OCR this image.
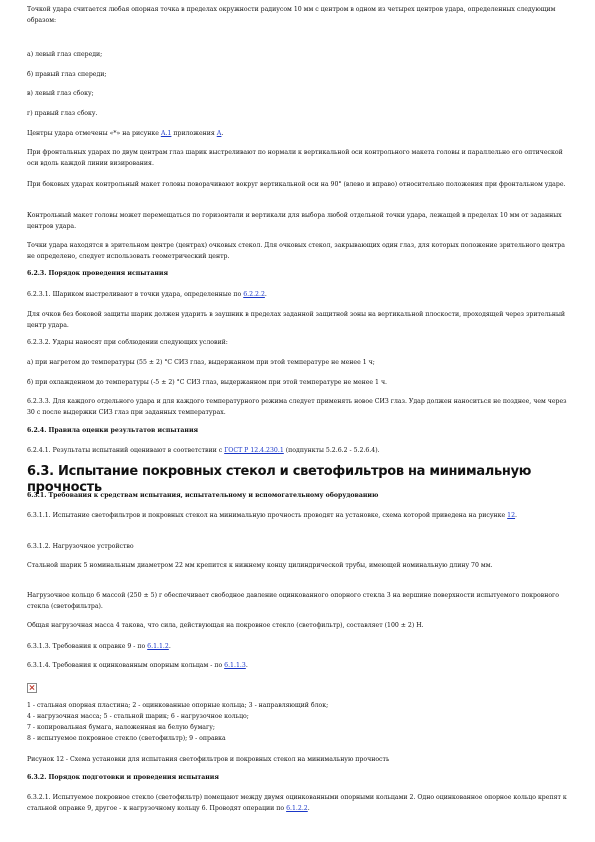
Точкой удара считается любая опорная точка в пределах окружности радиусом 10 мм с центром в одном из четырех центров удара, определенных следующим образом:

а) левый глаз спереди;

б) правый глаз спереди;

в) левый глаз сбоку;

г) правый глаз сбоку.

Центры удара отмечены «*» на рисунке А.1 приложения А.

При фронтальных ударах по двум центрам глаз шарик выстреливают по нормали к вертикальной оси контрольного макета головы и параллельно его оптической оси вдоль каждой линии визирования.

При боковых ударах контрольный макет головы поворачивают вокруг вертикальной оси на 90° (влево и вправо) относительно положения при фронтальном ударе.

Контрольный макет головы может перемещаться по горизонтали и вертикали для выбора любой отдельной точки удара, лежащей в пределах 10 мм от заданных центров удара.

Точки удара находятся в зрительном центре (центрах) очковых стекол. Для очковых стекол, закрывающих один глаз, для которых положение зрительного центра не определено, следует использовать геометрический центр.

6.2.3. Порядок проведения испытания

6.2.3.1. Шариком выстреливают в точки удара, определенные по 6.2.2.2.

Для очков без боковой защиты шарик должен ударить в заушник в пределах заданной защитной зоны на вертикальной плоскости, проходящей через зрительный центр удара.

6.2.3.2. Удары наносят при соблюдении следующих условий:

а) при нагретом до температуры (55 ± 2) °С СИЗ глаз, выдержанном при этой температуре не менее 1 ч;

б) при охлажденном до температуры (-5 ± 2) °С СИЗ глаз, выдержанном при этой температуре не менее 1 ч.

6.2.3.3. Для каждого отдельного удара и для каждого температурного режима следует применять новое СИЗ глаз. Удар должен наноситься не позднее, чем через 30 с после выдержки СИЗ глаз при заданных температурах.

6.2.4. Правила оценки результатов испытания

6.2.4.1. Результаты испытаний оценивают в соответствии с ГОСТ Р 12.4.230.1 (подпункты 5.2.6.2 - 5.2.6.4).

6.3. Испытание покровных стекол и светофильтров на минимальную прочность

6.3.1. Требования к средствам испытания, испытательному и вспомогательному оборудованию

6.3.1.1. Испытание светофильтров и покровных стекол на минимальную прочность проводят на установке, схема которой приведена на рисунке 12.

6.3.1.2. Нагрузочное устройство

Стальной шарик 5 номинальным диаметром 22 мм крепится к нижнему концу цилиндрической трубы, имеющей номинальную длину 70 мм.

Нагрузочное кольцо 6 массой (250 ± 5) г обеспечивает свободное давление оцинкованного опорного стекла 3 на вершине поверхности испытуемого покровного стекла (светофильтра).

Общая нагрузочная масса 4 такова, что сила, действующая на покровное стекло (светофильтр), составляет (100 ± 2) Н.

6.3.1.3. Требования к оправке 9 - по 6.1.1.2.

6.3.1.4. Требования к оцинкованным опорным кольцам - по 6.1.1.3.

1 - стальная опорная пластина; 2 - оцинкованные опорные кольца; 3 - направляющий блок;

4 - нагрузочная масса; 5 - стальной шарик; 6 - нагрузочное кольцо;

7 - копировальная бумага, наложенная на белую бумагу;

8 - испытуемое покровное стекло (светофильтр); 9 - оправка

Рисунок 12 - Схема установки для испытания светофильтров и покровных стекол на минимальную прочность

6.3.2. Порядок подготовки и проведения испытания

6.3.2.1. Испытуемое покровное стекло (светофильтр) помещают между двумя оцинкованными опорными кольцами 2. Одно оцинкованное опорное кольцо крепят к стальной оправке 9, другое - к нагрузочному кольцу 6. Проводят операции по 6.1.2.2.
